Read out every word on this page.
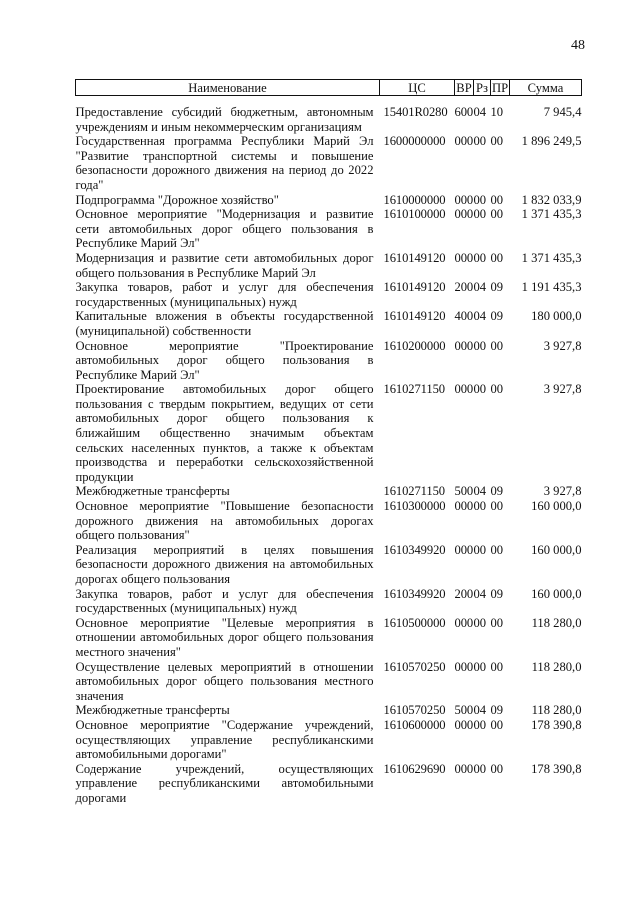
48
Наименование	ЦС	ВР	Рз	ПР	Сумма
Предоставление субсидий бюджетным, автономным учреждениям и иным некоммерческим организациям	15401R0280	600	04	10	7 945,4
Государственная программа Республики Марий Эл "Развитие транспортной системы и повышение безопасности дорожного движения на период до 2022 года"	1600000000	000	00	00	1 896 249,5
Подпрограмма "Дорожное хозяйство"	1610000000	000	00	00	1 832 033,9
Основное мероприятие "Модернизация и развитие сети автомобильных дорог общего пользования в Республике Марий Эл"	1610100000	000	00	00	1 371 435,3
Модернизация и развитие сети автомобильных дорог общего пользования в Республике Марий Эл	1610149120	000	00	00	1 371 435,3
Закупка товаров, работ и услуг для обеспечения государственных (муниципальных) нужд	1610149120	200	04	09	1 191 435,3
Капитальные вложения в объекты государственной (муниципальной) собственности	1610149120	400	04	09	180 000,0
Основное мероприятие "Проектирование автомобильных дорог общего пользования в Республике Марий Эл"	1610200000	000	00	00	3 927,8
Проектирование автомобильных дорог общего пользования с твердым покрытием, ведущих от сети автомобильных дорог общего пользования к ближайшим общественно значимым объектам сельских населенных пунктов, а также к объектам производства и переработки сельскохозяйственной продукции	1610271150	000	00	00	3 927,8
Межбюджетные трансферты	1610271150	500	04	09	3 927,8
Основное мероприятие "Повышение безопасности дорожного движения на автомобильных дорогах общего пользования"	1610300000	000	00	00	160 000,0
Реализация мероприятий в целях повышения безопасности дорожного движения на автомобильных дорогах общего пользования	1610349920	000	00	00	160 000,0
Закупка товаров, работ и услуг для обеспечения государственных (муниципальных) нужд	1610349920	200	04	09	160 000,0
Основное мероприятие "Целевые мероприятия в отношении автомобильных дорог общего пользования местного значения"	1610500000	000	00	00	118 280,0
Осуществление целевых мероприятий в отношении автомобильных дорог общего пользования местного значения	1610570250	000	00	00	118 280,0
Межбюджетные трансферты	1610570250	500	04	09	118 280,0
Основное мероприятие "Содержание учреждений, осуществляющих управление республиканскими автомобильными дорогами"	1610600000	000	00	00	178 390,8
Содержание учреждений, осуществляющих управление республиканскими автомобильными дорогами	1610629690	000	00	00	178 390,8
